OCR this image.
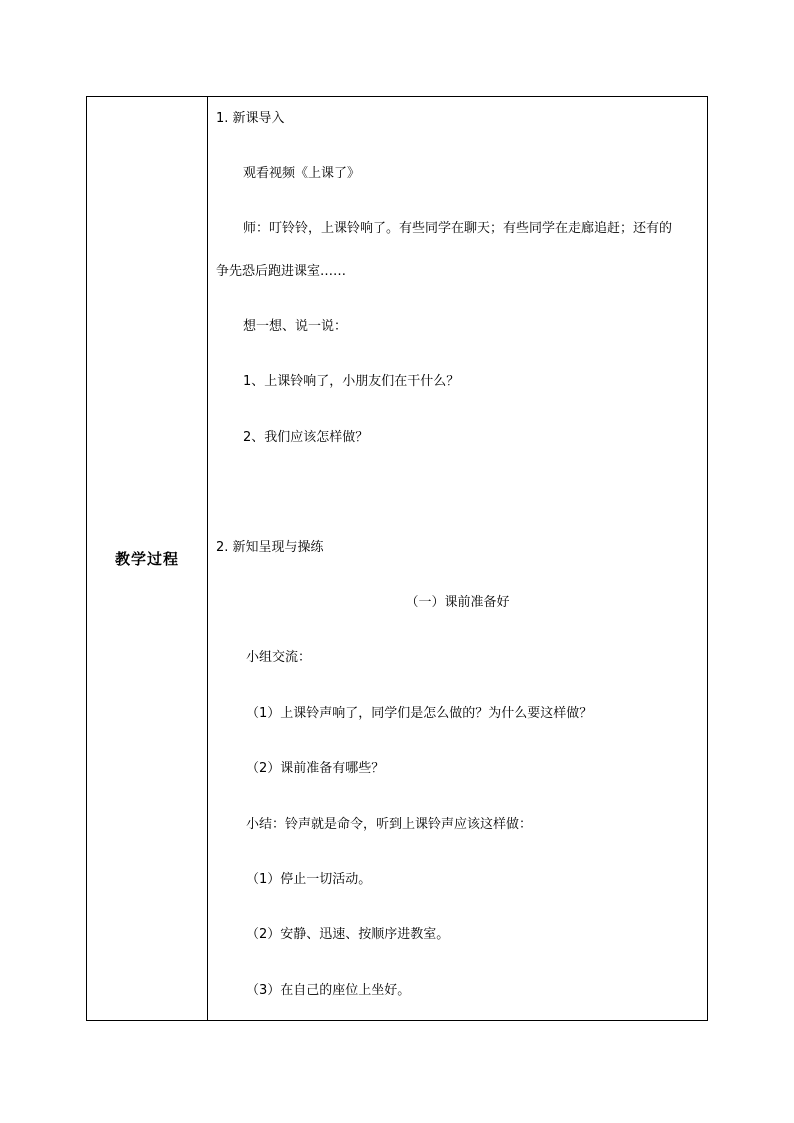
教学过程
1. 新课导入
观看视频《上课了》
师：叮铃铃，上课铃响了。有些同学在聊天；有些同学在走廊追赶；还有的
争先恐后跑进课室……
想一想、说一说：
1、上课铃响了，小朋友们在干什么？
2、我们应该怎样做？
2. 新知呈现与操练
（一）课前准备好
小组交流：
（1）上课铃声响了，同学们是怎么做的？为什么要这样做？
（2）课前准备有哪些？
小结：铃声就是命令，听到上课铃声应该这样做：
（1）停止一切活动。
（2）安静、迅速、按顺序进教室。
（3）在自己的座位上坐好。
